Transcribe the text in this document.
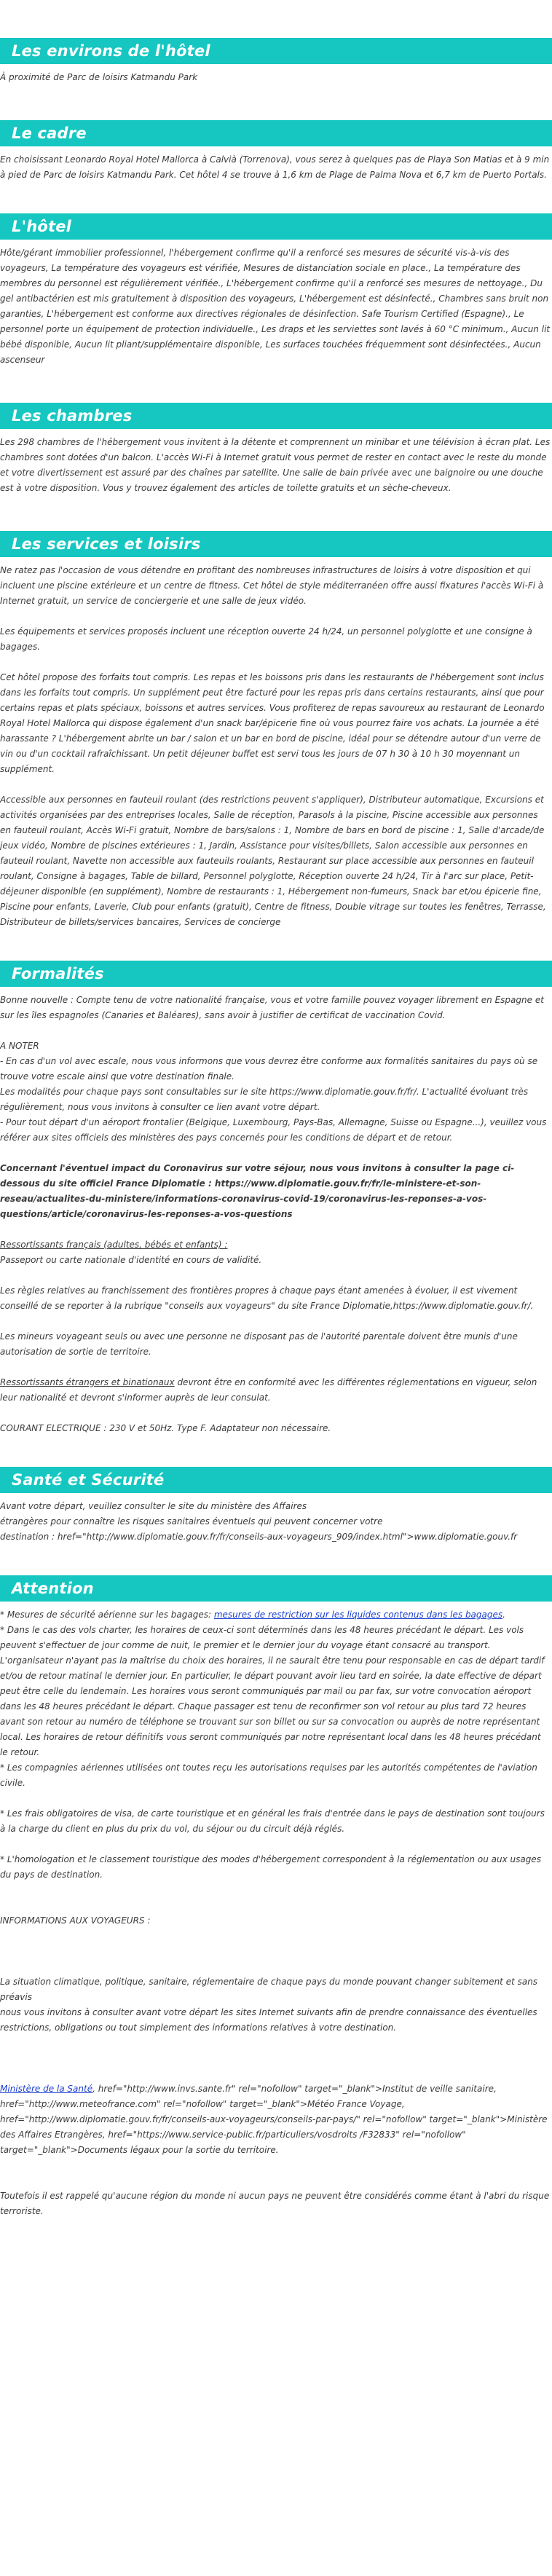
Les environs de l'hôtel

À proximité de Parc de loisirs Katmandu Park

Le cadre

En choisissant Leonardo Royal Hotel Mallorca à Calvià (Torrenova), vous serez à quelques pas de Playa Son Matias et à 9 min à pied de Parc de loisirs Katmandu Park. Cet hôtel 4 se trouve à 1,6 km de Plage de Palma Nova et 6,7 km de Puerto Portals.

L'hôtel

Hôte/gérant immobilier professionnel, l'hébergement confirme qu'il a renforcé ses mesures de sécurité vis-à-vis des voyageurs, La température des voyageurs est vérifiée, Mesures de distanciation sociale en place., La température des membres du personnel est régulièrement vérifiée., L'hébergement confirme qu'il a renforcé ses mesures de nettoyage., Du gel antibactérien est mis gratuitement à disposition des voyageurs, L'hébergement est désinfecté., Chambres sans bruit non garanties, L'hébergement est conforme aux directives régionales de désinfection. Safe Tourism Certified (Espagne)., Le personnel porte un équipement de protection individuelle., Les draps et les serviettes sont lavés à 60 °C minimum., Aucun lit bébé disponible, Aucun lit pliant/supplémentaire disponible, Les surfaces touchées fréquemment sont désinfectées., Aucun ascenseur

Les chambres

Les 298 chambres de l'hébergement vous invitent à la détente et comprennent un minibar et une télévision à écran plat. Les chambres sont dotées d'un balcon. L'accès Wi-Fi à Internet gratuit vous permet de rester en contact avec le reste du monde et votre divertissement est assuré par des chaînes par satellite. Une salle de bain privée avec une baignoire ou une douche est à votre disposition. Vous y trouvez également des articles de toilette gratuits et un sèche-cheveux.

Les services et loisirs

Ne ratez pas l'occasion de vous détendre en profitant des nombreuses infrastructures de loisirs à votre disposition et qui incluent une piscine extérieure et un centre de fitness. Cet hôtel de style méditerranéen offre aussi fixatures l'accès Wi-Fi à Internet gratuit, un service de conciergerie et une salle de jeux vidéo.

Les équipements et services proposés incluent une réception ouverte 24 h/24, un personnel polyglotte et une consigne à bagages.

Cet hôtel propose des forfaits tout compris. Les repas et les boissons pris dans les restaurants de l'hébergement sont inclus dans les forfaits tout compris. Un supplément peut être facturé pour les repas pris dans certains restaurants, ainsi que pour certains repas et plats spéciaux, boissons et autres services. Vous profiterez de repas savoureux au restaurant de Leonardo Royal Hotel Mallorca qui dispose également d'un snack bar/épicerie fine où vous pourrez faire vos achats. La journée a été harassante ? L'hébergement abrite un bar / salon et un bar en bord de piscine, idéal pour se détendre autour d'un verre de vin ou d'un cocktail rafraîchissant. Un petit déjeuner buffet est servi tous les jours de 07 h 30 à 10 h 30 moyennant un supplément.

Accessible aux personnes en fauteuil roulant (des restrictions peuvent s'appliquer), Distributeur automatique, Excursions et activités organisées par des entreprises locales, Salle de réception, Parasols à la piscine, Piscine accessible aux personnes en fauteuil roulant, Accès Wi-Fi gratuit, Nombre de bars/salons : 1, Nombre de bars en bord de piscine : 1, Salle d'arcade/de jeux vidéo, Nombre de piscines extérieures : 1, Jardin, Assistance pour visites/billets, Salon accessible aux personnes en fauteuil roulant, Navette non accessible aux fauteuils roulants, Restaurant sur place accessible aux personnes en fauteuil roulant, Consigne à bagages, Table de billard, Personnel polyglotte, Réception ouverte 24 h/24, Tir à l'arc sur place, Petit-déjeuner disponible (en supplément), Nombre de restaurants : 1, Hébergement non-fumeurs, Snack bar et/ou épicerie fine, Piscine pour enfants, Laverie, Club pour enfants (gratuit), Centre de fitness, Double vitrage sur toutes les fenêtres, Terrasse, Distributeur de billets/services bancaires, Services de concierge

Formalités

Bonne nouvelle : Compte tenu de votre nationalité française, vous et votre famille pouvez voyager librement en Espagne et sur les îles espagnoles (Canaries et Baléares), sans avoir à justifier de certificat de vaccination Covid.

A NOTER

- En cas d'un vol avec escale, nous vous informons que vous devrez être conforme aux formalités sanitaires du pays où se trouve votre escale ainsi que votre destination finale.

Les modalités pour chaque pays sont consultables sur le site https://www.diplomatie.gouv.fr/fr/. L'actualité évoluant très régulièrement, nous vous invitons à consulter ce lien avant votre départ.

- Pour tout départ d'un aéroport frontalier (Belgique, Luxembourg, Pays-Bas, Allemagne, Suisse ou Espagne...), veuillez vous référer aux sites officiels des ministères des pays concernés pour les conditions de départ et de retour.

Concernant l'éventuel impact du Coronavirus sur votre séjour, nous vous invitons à consulter la page ci-dessous du site officiel France Diplomatie : https://www.diplomatie.gouv.fr/fr/le-ministere-et-son-reseau/actualites-du-ministere/informations-coronavirus-covid-19/coronavirus-les-reponses-a-vos-questions/article/coronavirus-les-reponses-a-vos-questions

Ressortissants français (adultes, bébés et enfants) :

Passeport ou carte nationale d'identité en cours de validité.

Les règles relatives au franchissement des frontières propres à chaque pays étant amenées à évoluer, il est vivement conseillé de se reporter à la rubrique "conseils aux voyageurs" du site France Diplomatie,https://www.diplomatie.gouv.fr/.

Les mineurs voyageant seuls ou avec une personne ne disposant pas de l'autorité parentale doivent être munis d'une autorisation de sortie de territoire.

Ressortissants étrangers et binationaux devront être en conformité avec les différentes réglementations en vigueur, selon leur nationalité et devront s'informer auprès de leur consulat.

COURANT ELECTRIQUE : 230 V et 50Hz. Type F. Adaptateur non nécessaire.

Santé et Sécurité

Avant votre départ, veuillez consulter le site du ministère des Affaires

étrangères pour connaître les risques sanitaires éventuels qui peuvent concerner votre

destination : href="http://www.diplomatie.gouv.fr/fr/conseils-aux-voyageurs_909/index.html">www.diplomatie.gouv.fr

Attention

* Mesures de sécurité aérienne sur les bagages: mesures de restriction sur les liquides contenus dans les bagages.

* Dans le cas des vols charter, les horaires de ceux-ci sont déterminés dans les 48 heures précédant le départ. Les vols peuvent s'effectuer de jour comme de nuit, le premier et le dernier jour du voyage étant consacré au transport. L'organisateur n'ayant pas la maîtrise du choix des horaires, il ne saurait être tenu pour responsable en cas de départ tardif et/ou de retour matinal le dernier jour. En particulier, le départ pouvant avoir lieu tard en soirée, la date effective de départ peut être celle du lendemain. Les horaires vous seront communiqués par mail ou par fax, sur votre convocation aéroport dans les 48 heures précédant le départ. Chaque passager est tenu de reconfirmer son vol retour au plus tard 72 heures avant son retour au numéro de téléphone se trouvant sur son billet ou sur sa convocation ou auprès de notre représentant local. Les horaires de retour définitifs vous seront communiqués par notre représentant local dans les 48 heures précédant le retour.

* Les compagnies aériennes utilisées ont toutes reçu les autorisations requises par les autorités compétentes de l'aviation civile.

* Les frais obligatoires de visa, de carte touristique et en général les frais d'entrée dans le pays de destination sont toujours à la charge du client en plus du prix du vol, du séjour ou du circuit déjà réglés.

* L'homologation et le classement touristique des modes d'hébergement correspondent à la réglementation ou aux usages du pays de destination.

INFORMATIONS AUX VOYAGEURS :

La situation climatique, politique, sanitaire, réglementaire de chaque pays du monde pouvant changer subitement et sans préavis

nous vous invitons à consulter avant votre départ les sites Internet suivants afin de prendre connaissance des éventuelles restrictions, obligations ou tout simplement des informations relatives à votre destination.

Ministère de la Santé, href="http://www.invs.sante.fr" rel="nofollow" target="_blank">Institut de veille sanitaire, href="http://www.meteofrance.com" rel="nofollow" target="_blank">Météo France Voyage, href="http://www.diplomatie.gouv.fr/fr/conseils-aux-voyageurs/conseils-par-pays/" rel="nofollow" target="_blank">Ministère des Affaires Etrangères, href="https://www.service-public.fr/particuliers/vosdroits /F32833" rel="nofollow" target="_blank">Documents légaux pour la sortie du territoire.

Toutefois il est rappelé qu'aucune région du monde ni aucun pays ne peuvent être considérés comme étant à l'abri du risque terroriste.
